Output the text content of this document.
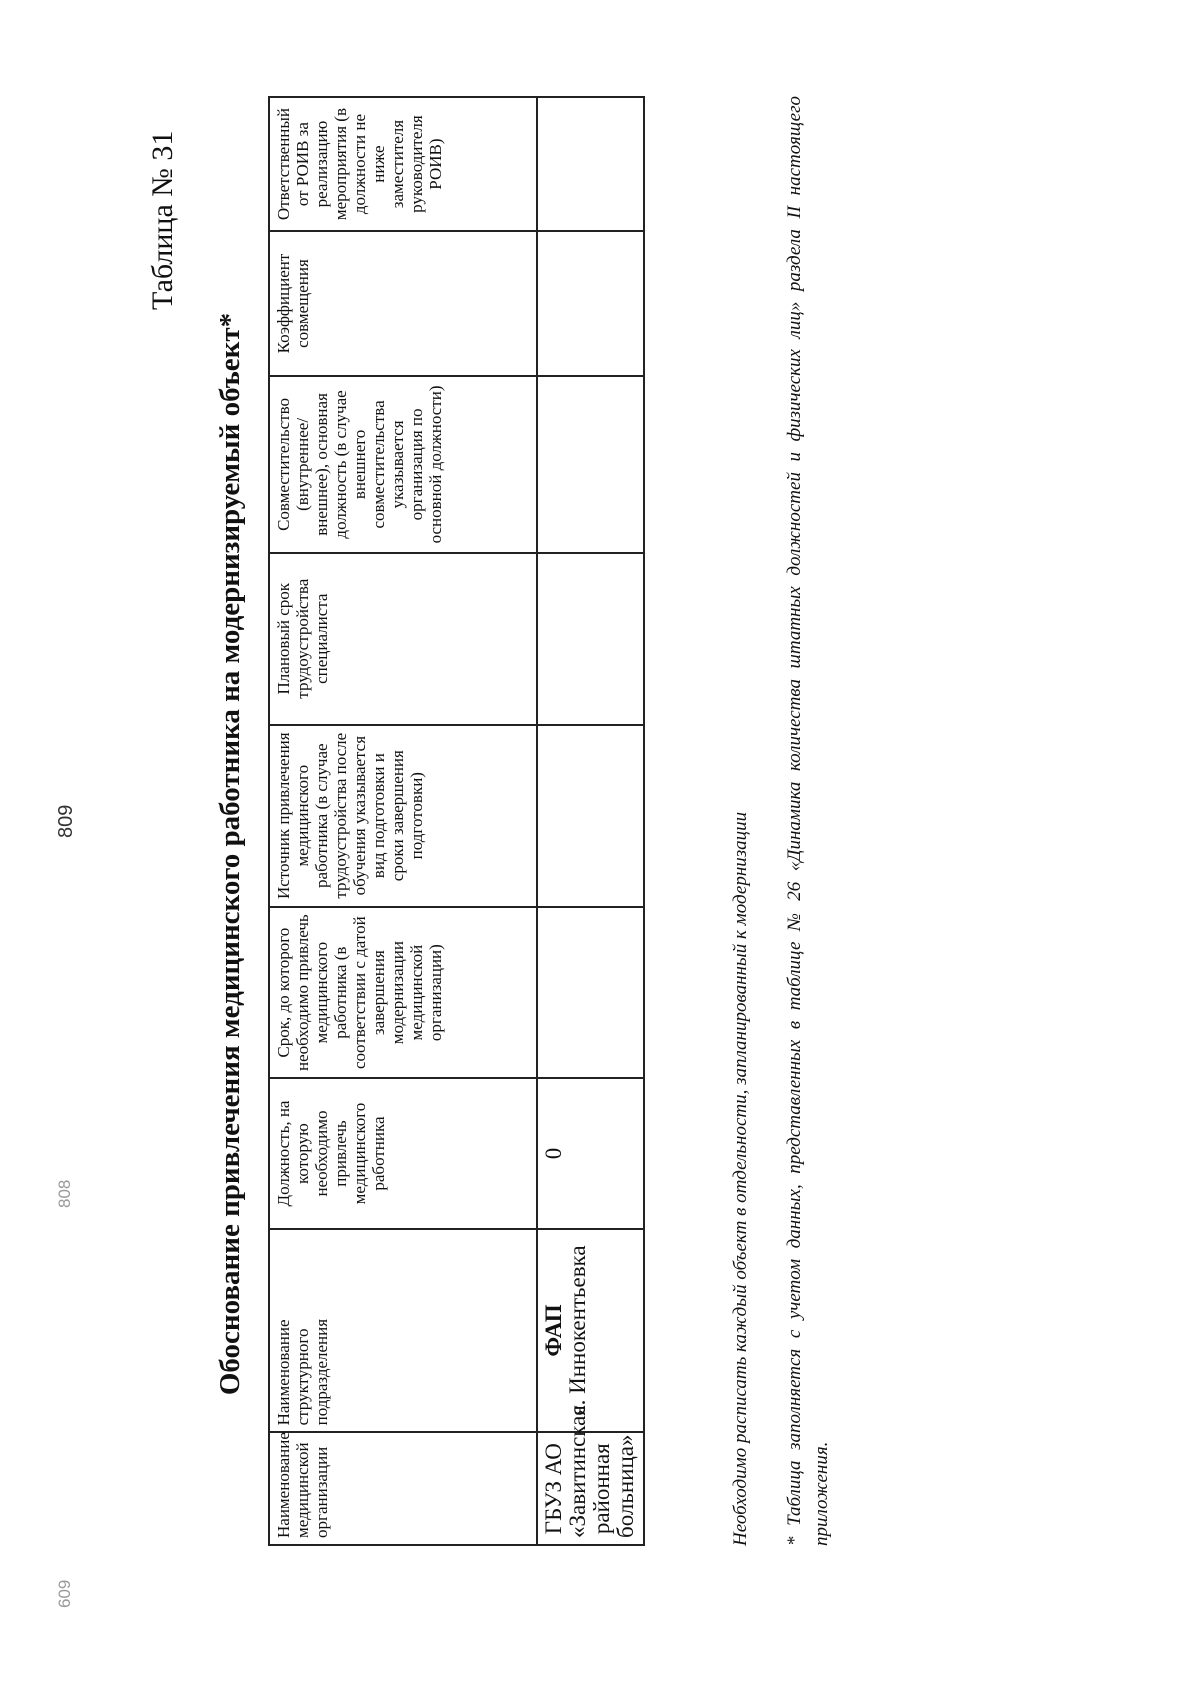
609
808
809
Таблица № 31
Обоснование привлечения медицинского работника на модернизируемый объект*
Наименование медицинской организации	Наименование структурного подразделения	Должность, на которую необходимо привлечь медицинского работника	Срок, до которого необходимо привлечь медицинского работника (в соответствии с датой завершения модернизации медицинской организации)	Источник привлечения медицинского работника (в случае трудоустройства после обучения указывается вид подготовки и сроки завершения подготовки)	Плановый срок трудоустройства специалиста	Совместительство (внутреннее/ внешнее), основная должность (в случае внешнего совместительства указывается организация по основной должности)	Коэффициент совмещения	Ответственный от РОИВ за реализацию мероприятия (в должности не ниже заместителя руководителя РОИВ)
ГБУЗ АО «Завитинская районная больница»	ФАП с. Иннокентьевка	0							Необходимо расписать каждый объект в отдельности, запланированный к модернизации * Таблица заполняется с учетом данных, представленных в таблице № 26 «Динамика количества штатных должностей и физических лиц» раздела II настоящего приложения.
